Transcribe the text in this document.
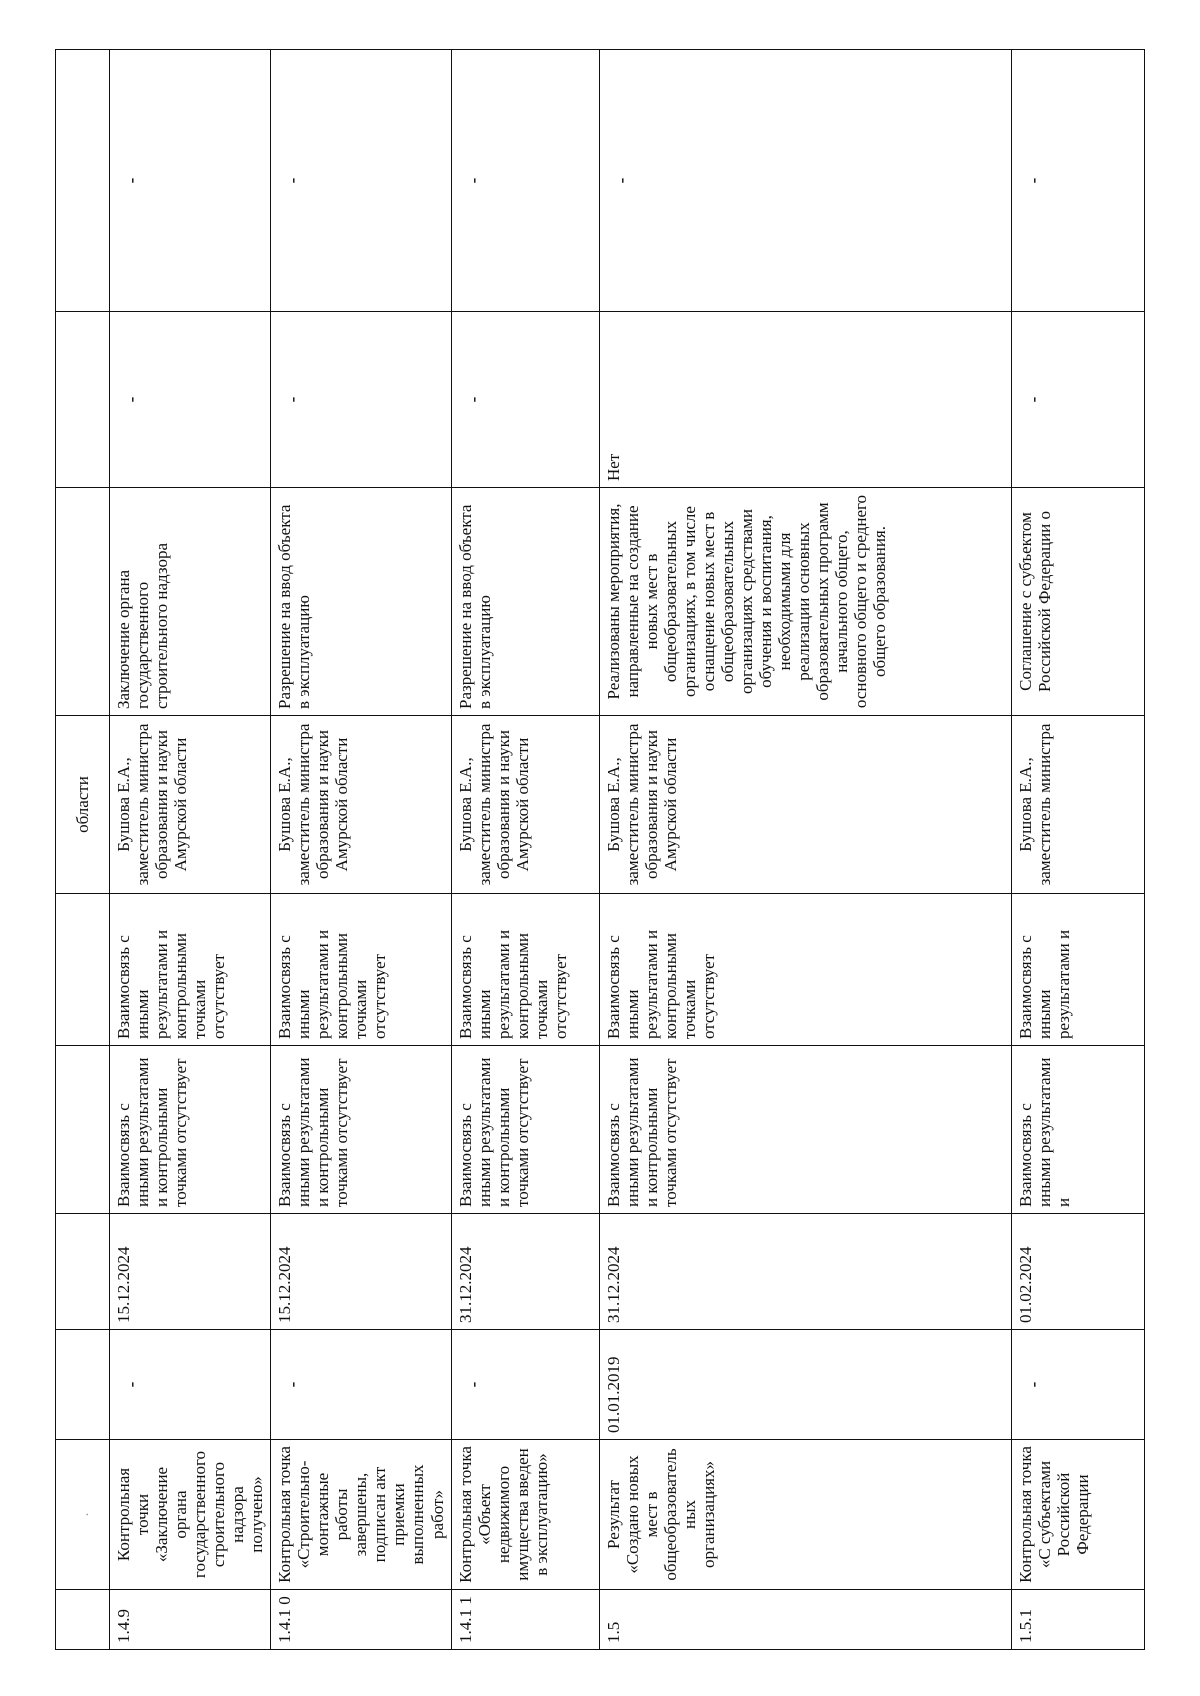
	.					области			
1.4.9	Контрольная точки «Заключение органа государственного строительного надзора получено»	-	15.12.2024	Взаимосвязь с иными результатами и контрольными точками отсутствует	Взаимосвязь с иными результатами и контрольными точками отсутствует	Бушова Е.А., заместитель министра образования и науки Амурской области	Заключение органа государственного строительного надзора	-	-

1.4.1 0	Контрольная точка «Строительно-монтажные работы завершены, подписан акт приемки выполненных работ»	-	15.12.2024	Взаимосвязь с иными результатами и контрольными точками отсутствует	Взаимосвязь с иными результатами и контрольными точками отсутствует	Бушова Е.А., заместитель министра образования и науки Амурской области	Разрешение на ввод объекта в эксплуатацию	-	-

1.4.1 1	Контрольная точка «Объект недвижимого имущества введен в эксплуатацию»	-	31.12.2024	Взаимосвязь с иными результатами и контрольными точками отсутствует	Взаимосвязь с иными результатами и контрольными точками отсутствует	Бушова Е.А., заместитель министра образования и науки Амурской области	Разрешение на ввод объекта в эксплуатацию	-	-

1.5	Результат «Создано новых мест в общеобразовательных организациях»	01.01.2019	31.12.2024	Взаимосвязь с иными результатами и контрольными точками отсутствует	Взаимосвязь с иными результатами и контрольными точками отсутствует	Бушова Е.А., заместитель министра образования и науки Амурской области	Реализованы мероприятия, направленные на создание новых мест в общеобразовательных организациях, в том числе оснащение новых мест в общеобразовательных организациях средствами обучения и воспитания, необходимыми для реализации основных образовательных программ начального общего, основного общего и среднего общего образования.	Нет	-

1.5.1	Контрольная точка «С субъектами Российской Федерации	-	01.02.2024	Взаимосвязь с иными результатами и	Взаимосвязь с иными результатами и	Бушова Е.А., заместитель министра	Соглашение с субъектом Российской Федерации о	-	-
